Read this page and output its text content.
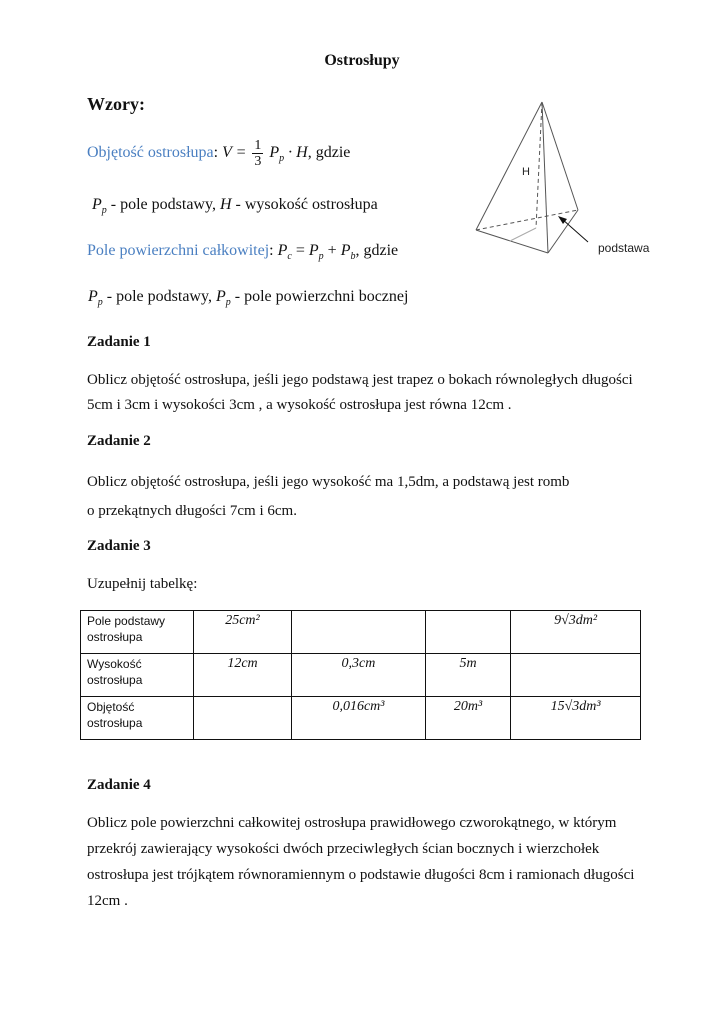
Ostrosłupy
Wzory:
Objętość ostrosłupa: $V = \frac{1}{3} P_p \cdot H$, gdzie
$P_p$ - pole podstawy, H - wysokość ostrosłupa
Pole powierzchni całkowitej: $P_c = P_p + P_b$, gdzie
$P_p$ - pole podstawy, $P_p$ - pole powierzchni bocznej
H
podstawa
Zadanie 1
Oblicz objętość ostrosłupa, jeśli jego podstawą jest trapez o bokach równoległych długości
5cm i 3cm i wysokości 3cm , a wysokość ostrosłupa jest równa 12cm .
Zadanie 2
Oblicz objętość ostrosłupa, jeśli jego wysokość ma 1,5dm, a podstawą jest romb
o przekątnych długości 7cm i 6cm.
Zadanie 3
Uzupełnij tabelkę:
Pole podstawy ostrosłupa	25cm²			9√3dm²
Wysokość ostrosłupa	12cm	0,3cm	5m	
Objętość ostrosłupa		0,016cm³	20m³	15√3dm³
Zadanie 4
Oblicz pole powierzchni całkowitej ostrosłupa prawidłowego czworokątnego, w którym
przekrój zawierający wysokości dwóch przeciwległych ścian bocznych i wierzchołek
ostrosłupa jest trójkątem równoramiennym o podstawie długości 8cm i ramionach długości
12cm .
